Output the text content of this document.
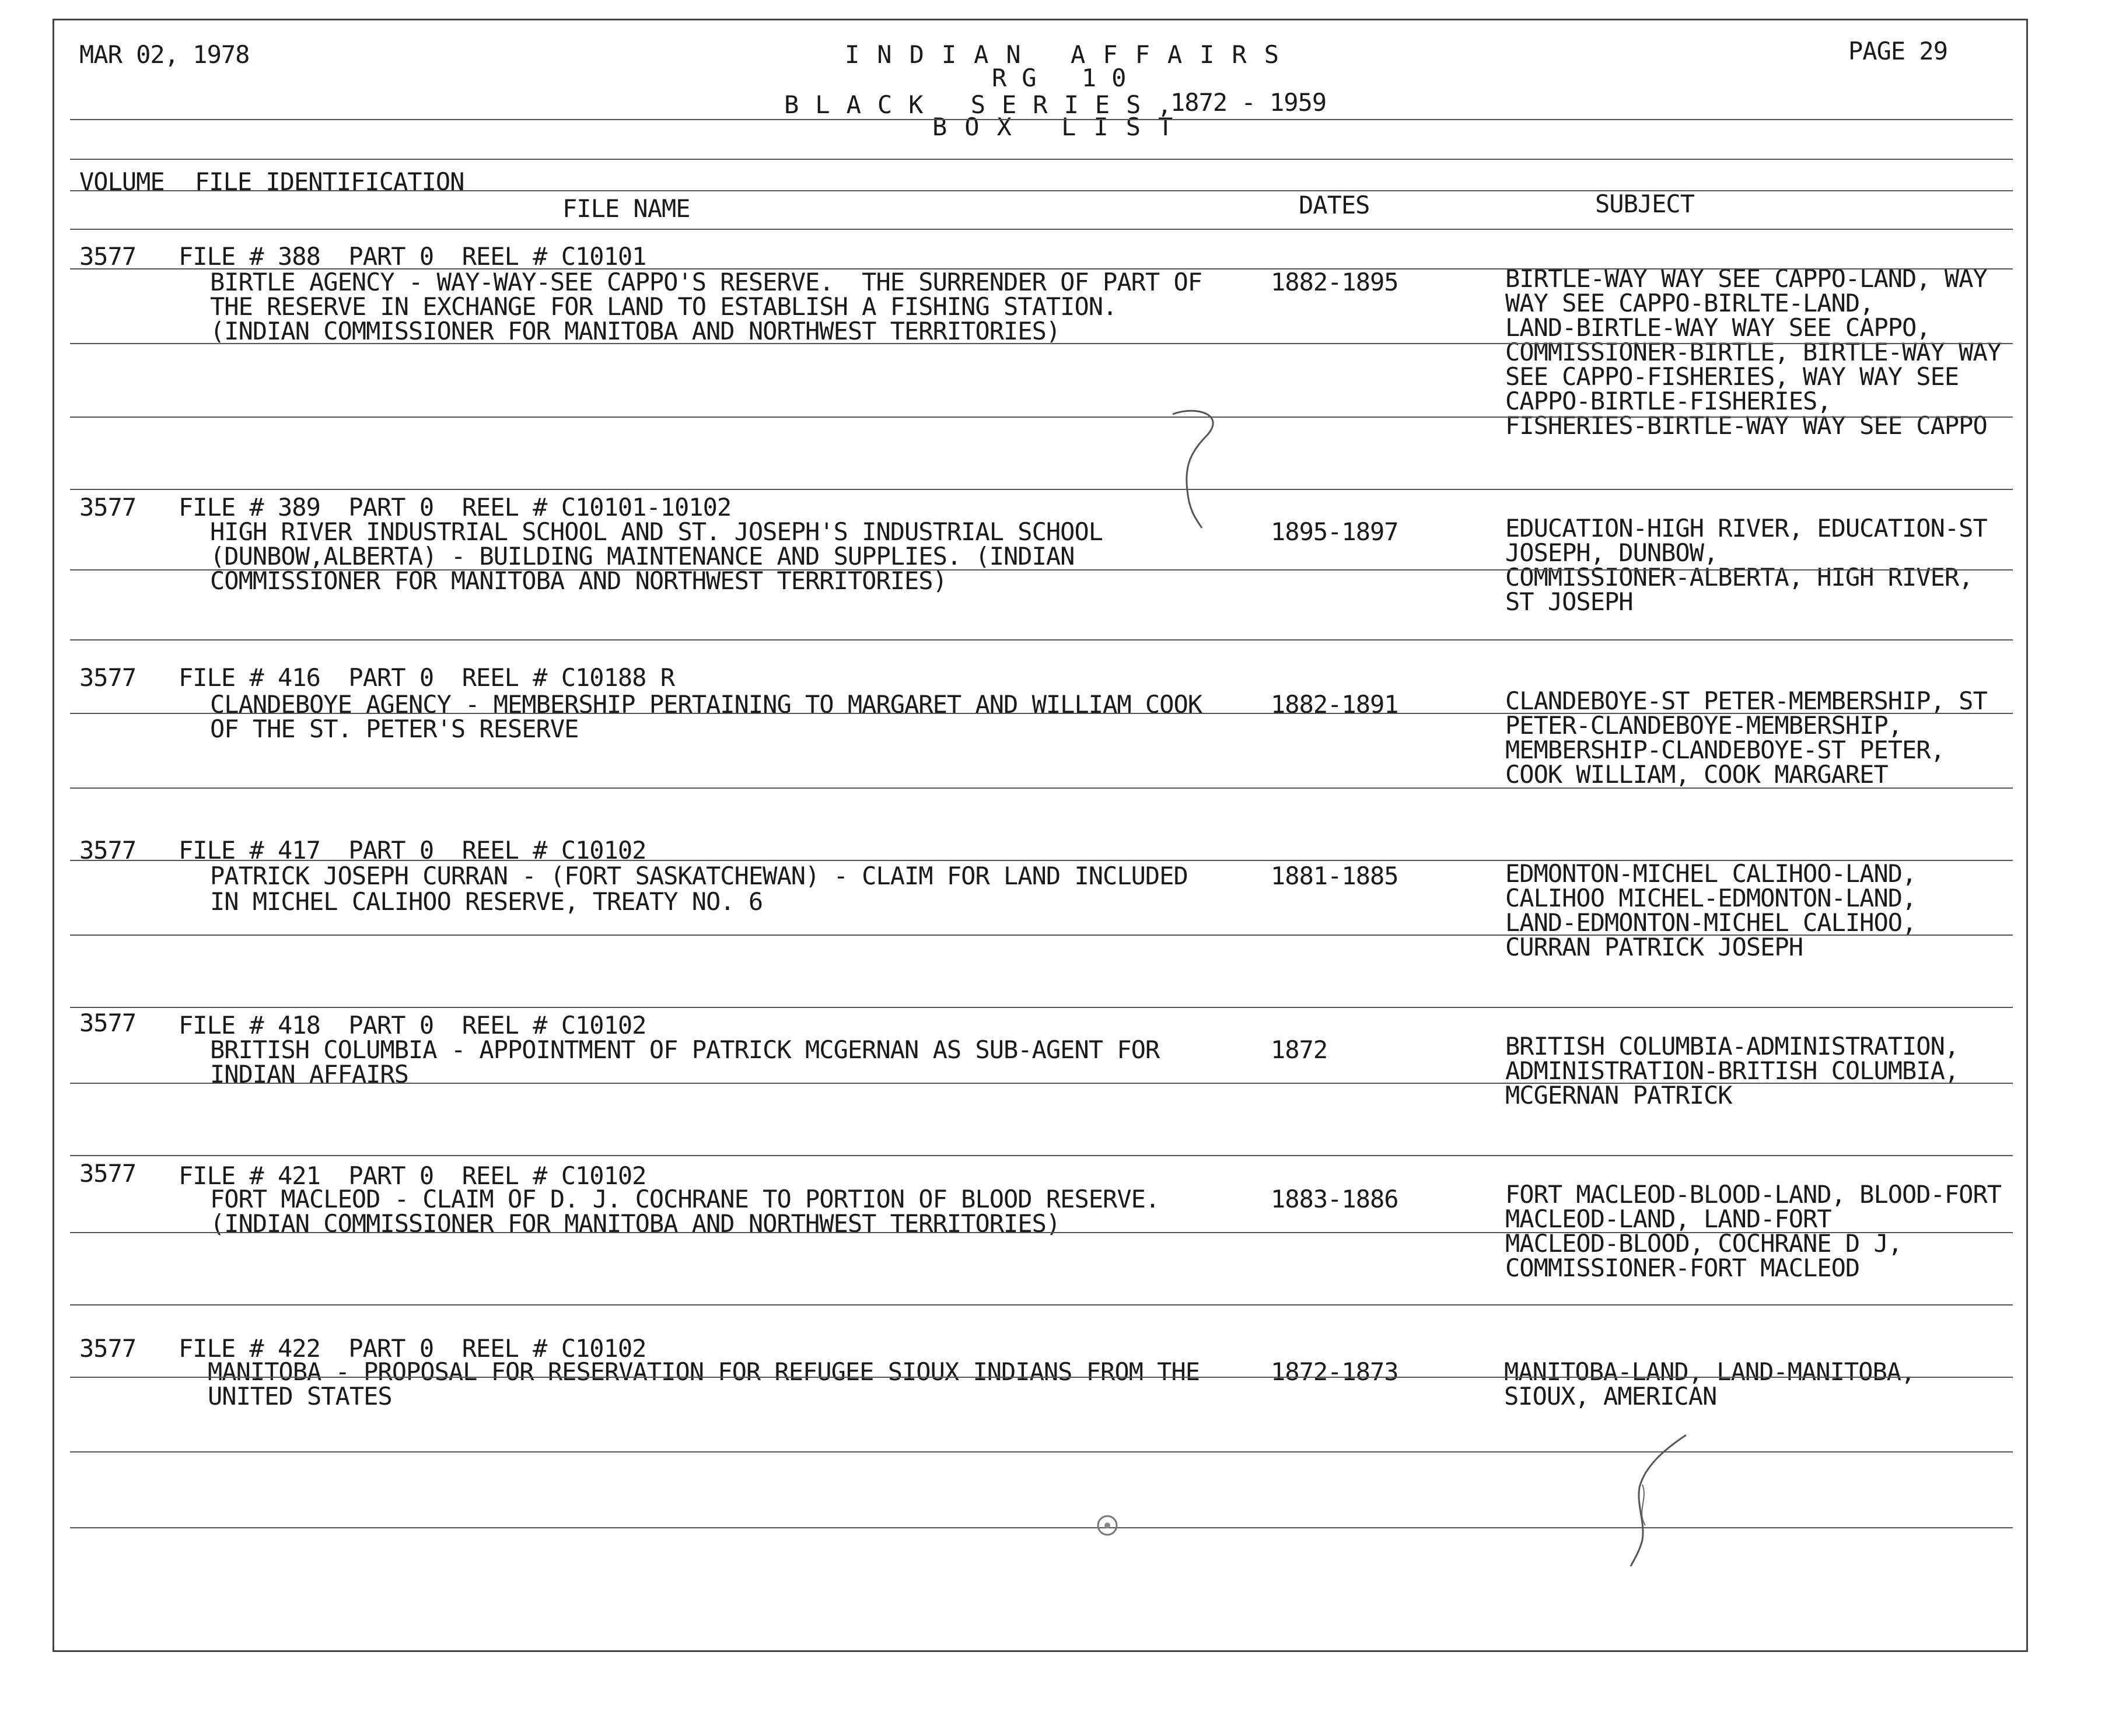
MAR 02, 1978	PAGE 29
INDIAN AFFAIRS
RG 10
BLACK SERIES,
1872 - 1959
BOX LIST
VOLUME FILE IDENTIFICATION
FILE NAME	DATES	SUBJECT
3577 FILE # 388  PART 0  REEL # C10101
BIRTLE AGENCY - WAY-WAY-SEE CAPPO'S RESERVE.  THE SURRENDER OF PART OF
THE RESERVE IN EXCHANGE FOR LAND TO ESTABLISH A FISHING STATION.
(INDIAN COMMISSIONER FOR MANITOBA AND NORTHWEST TERRITORIES)
1882-1895	BIRTLE-WAY WAY SEE CAPPO-LAND, WAY
WAY SEE CAPPO-BIRLTE-LAND,
LAND-BIRTLE-WAY WAY SEE CAPPO,
COMMISSIONER-BIRTLE, BIRTLE-WAY WAY
SEE CAPPO-FISHERIES, WAY WAY SEE
CAPPO-BIRTLE-FISHERIES,
FISHERIES-BIRTLE-WAY WAY SEE CAPPO
3577 FILE # 389  PART 0  REEL # C10101-10102
HIGH RIVER INDUSTRIAL SCHOOL AND ST. JOSEPH'S INDUSTRIAL SCHOOL
(DUNBOW,ALBERTA) - BUILDING MAINTENANCE AND SUPPLIES. (INDIAN
COMMISSIONER FOR MANITOBA AND NORTHWEST TERRITORIES)
1895-1897	EDUCATION-HIGH RIVER, EDUCATION-ST
JOSEPH, DUNBOW,
COMMISSIONER-ALBERTA, HIGH RIVER,
ST JOSEPH
3577 FILE # 416  PART 0  REEL # C10188 R
CLANDEBOYE AGENCY - MEMBERSHIP PERTAINING TO MARGARET AND WILLIAM COOK
OF THE ST. PETER'S RESERVE
1882-1891	CLANDEBOYE-ST PETER-MEMBERSHIP, ST
PETER-CLANDEBOYE-MEMBERSHIP,
MEMBERSHIP-CLANDEBOYE-ST PETER,
COOK WILLIAM, COOK MARGARET
3577 FILE # 417  PART 0  REEL # C10102
PATRICK JOSEPH CURRAN - (FORT SASKATCHEWAN) - CLAIM FOR LAND INCLUDED
IN MICHEL CALIHOO RESERVE, TREATY NO. 6
1881-1885	EDMONTON-MICHEL CALIHOO-LAND,
CALIHOO MICHEL-EDMONTON-LAND,
LAND-EDMONTON-MICHEL CALIHOO,
CURRAN PATRICK JOSEPH
3577 FILE # 418  PART 0  REEL # C10102
BRITISH COLUMBIA - APPOINTMENT OF PATRICK MCGERNAN AS SUB-AGENT FOR
INDIAN AFFAIRS
1872	BRITISH COLUMBIA-ADMINISTRATION,
ADMINISTRATION-BRITISH COLUMBIA,
MCGERNAN PATRICK
3577 FILE # 421  PART 0  REEL # C10102
FORT MACLEOD - CLAIM OF D. J. COCHRANE TO PORTION OF BLOOD RESERVE.
(INDIAN COMMISSIONER FOR MANITOBA AND NORTHWEST TERRITORIES)
1883-1886	FORT MACLEOD-BLOOD-LAND, BLOOD-FORT
MACLEOD-LAND, LAND-FORT
MACLEOD-BLOOD, COCHRANE D J,
COMMISSIONER-FORT MACLEOD
3577 FILE # 422  PART 0  REEL # C10102
MANITOBA - PROPOSAL FOR RESERVATION FOR REFUGEE SIOUX INDIANS FROM THE
UNITED STATES
1872-1873	MANITOBA-LAND, LAND-MANITOBA,
SIOUX, AMERICAN
